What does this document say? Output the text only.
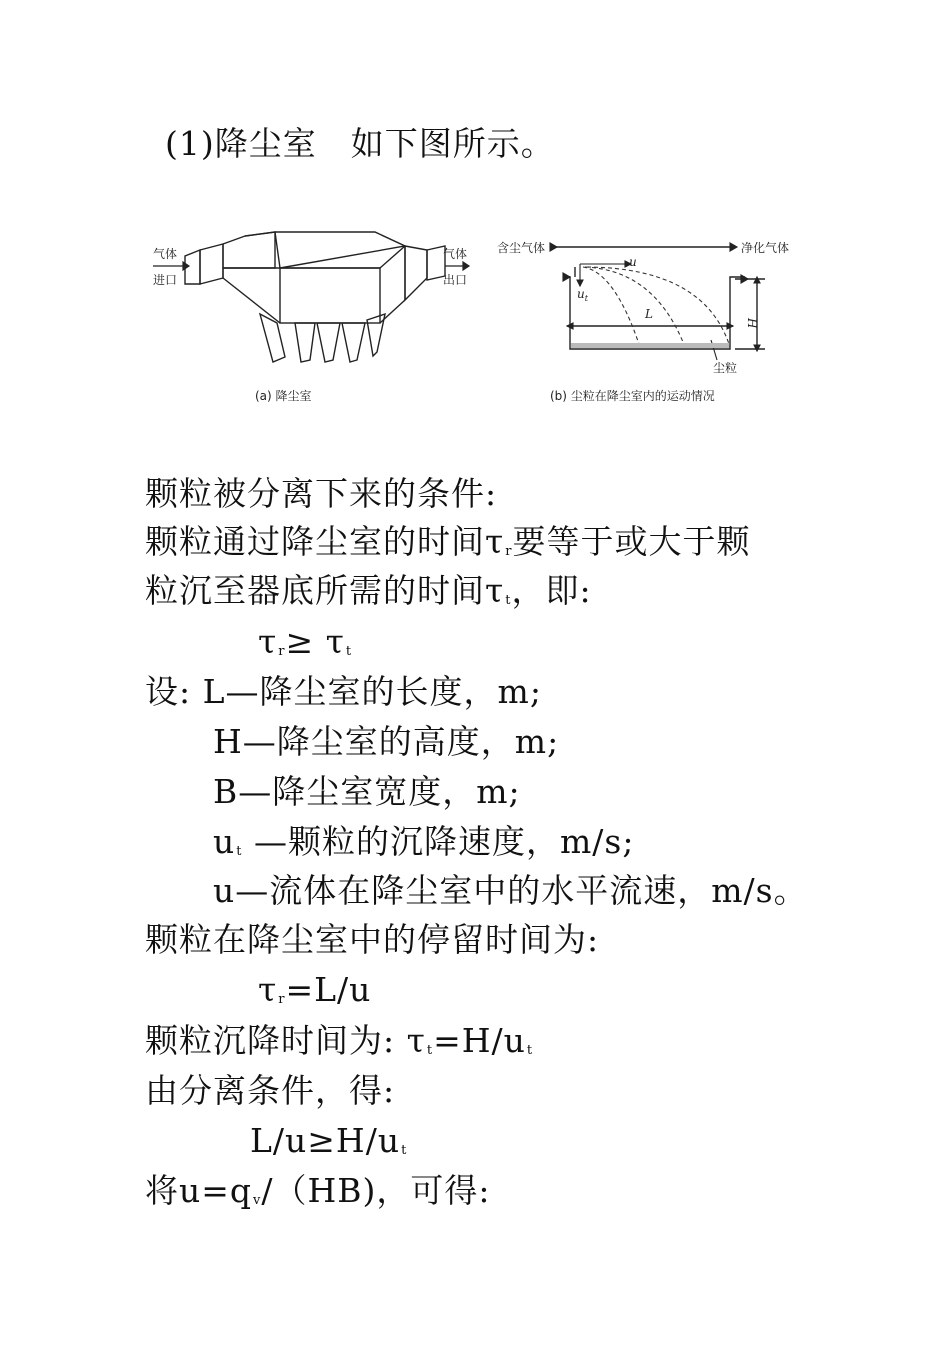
(1)降尘室　如下图所示。
气体
进口
气体
出口
(a) 降尘室
含尘气体	净化气体
u
ut
L
H
尘粒
(b) 尘粒在降尘室内的运动情况
颗粒被分离下来的条件:
颗粒通过降尘室的时间τr要等于或大于颗
粒沉至器底所需的时间τt，即:
τr≥ τt
设: L—降尘室的长度，m;
H—降尘室的高度，m;
B—降尘室宽度，m;
ut —颗粒的沉降速度，m/s;
u—流体在降尘室中的水平流速，m/s。
颗粒在降尘室中的停留时间为:
τr=L/u
颗粒沉降时间为: τt=H/ut
由分离条件，得:
L/u≥H/ut
将u=qv/（HB)，可得:
